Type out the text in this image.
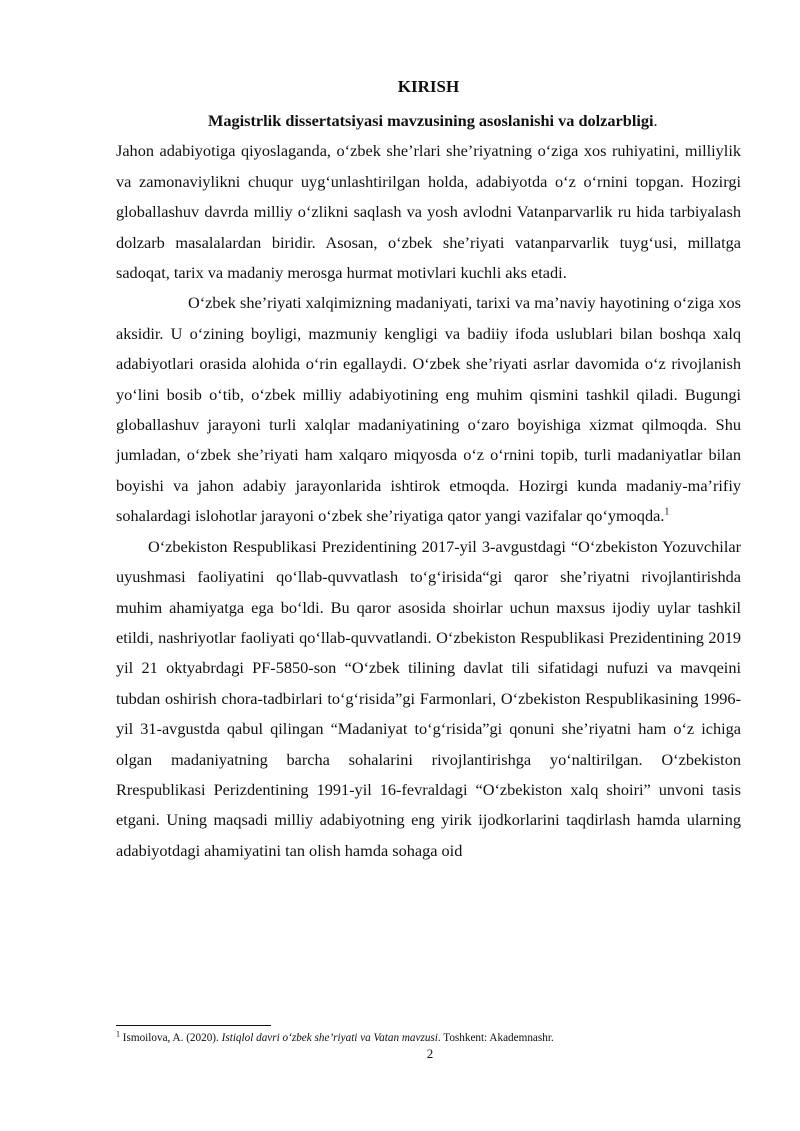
KIRISH

Magistrlik dissertatsiyasi mavzusining asoslanishi va dolzarbligi.

Jahon adabiyotiga qiyoslaganda, o‘zbek she’rlari she’riyatning o‘ziga xos ruhiyatini, milliylik va zamonaviylikni chuqur uyg‘unlashtirilgan holda, adabiyotda o‘z o‘rnini topgan. Hozirgi globallashuv davrda milliy o‘zlikni saqlash va yosh avlodni Vatanparvarlik ru hida tarbiyalash dolzarb masalalardan biridir. Asosan, o‘zbek she’riyati vatanparvarlik tuyg‘usi, millatga sadoqat, tarix va madaniy merosga hurmat motivlari kuchli aks etadi.

O‘zbek she’riyati xalqimizning madaniyati, tarixi va ma’naviy hayotining o‘ziga xos aksidir. U o‘zining boyligi, mazmuniy kengligi va badiiy ifoda uslublari bilan boshqa xalq adabiyotlari orasida alohida o‘rin egallaydi. O‘zbek she’riyati asrlar davomida o‘z rivojlanish yo‘lini bosib o‘tib, o‘zbek milliy adabiyotining eng muhim qismini tashkil qiladi. Bugungi globallashuv jarayoni turli xalqlar madaniyatining o‘zaro boyishiga xizmat qilmoqda. Shu jumladan, o‘zbek she’riyati ham xalqaro miqyosda o‘z o‘rnini topib, turli madaniyatlar bilan boyishi va jahon adabiy jarayonlarida ishtirok etmoqda. Hozirgi kunda madaniy-ma’rifiy sohalardagi islohotlar jarayoni o‘zbek she’riyatiga qator yangi vazifalar qo‘ymoqda.$^1$

O‘zbekiston Respublikasi Prezidentining 2017-yil 3-avgustdagi “O‘zbekiston Yozuvchilar uyushmasi faoliyatini qo‘llab-quvvatlash to‘g‘irisida“gi qaror she’riyatni rivojlantirishda muhim ahamiyatga ega bo‘ldi. Bu qaror asosida shoirlar uchun maxsus ijodiy uylar tashkil etildi, nashriyotlar faoliyati qo‘llab-quvvatlandi. O‘zbekiston Respublikasi Prezidentining 2019 yil 21 oktyabrdagi PF-5850-son “O‘zbek tilining davlat tili sifatidagi nufuzi va mavqeini tubdan oshirish chora-tadbirlari to‘g‘risida”gi Farmonlari, O‘zbekiston Respublikasining 1996-yil 31-avgustda qabul qilingan “Madaniyat to‘g‘risida”gi qonuni she’riyatni ham o‘z ichiga olgan madaniyatning barcha sohalarini rivojlantirishga yo‘naltirilgan. O‘zbekiston Rrespublikasi Perizdentining 1991-yil 16-fevraldagi “O‘zbekiston xalq shoiri” unvoni tasis etgani. Uning maqsadi milliy adabiyotning eng yirik ijodkorlarini taqdirlash hamda ularning adabiyotdagi ahamiyatini tan olish hamda sohaga oid

$^1$ Ismoilova, A. (2020). Istiqlol davri o‘zbek she’riyati va Vatan mavzusi. Toshkent: Akademnashr.
2
